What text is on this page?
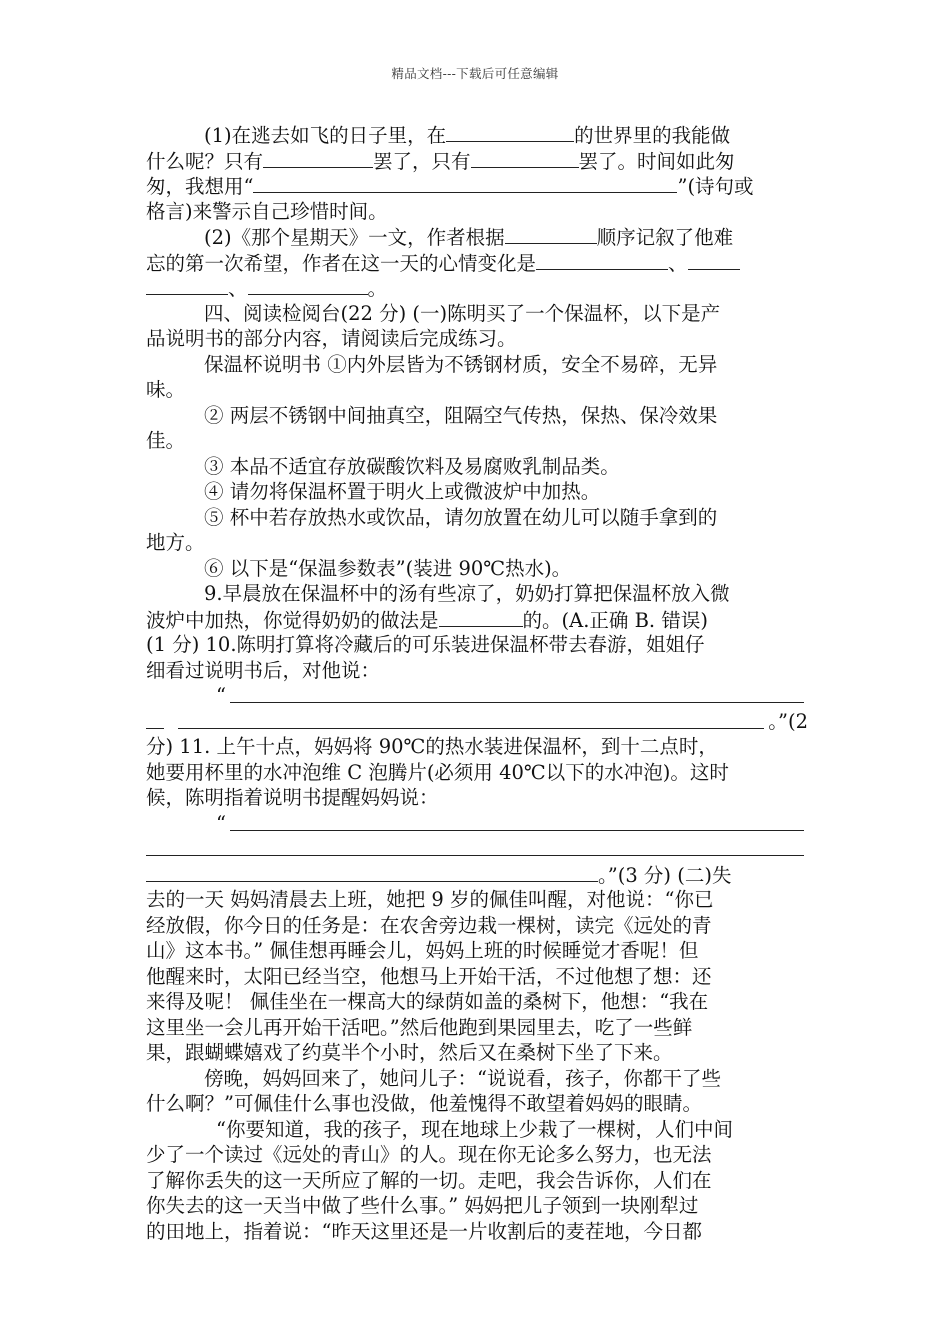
精品文档---下载后可任意编辑
(1)在逃去如飞的日子里，在	的世界里的我能做
什么呢？只有	罢了，只有	罢了。时间如此匆
匆，我想用“	”(诗句或
格言)来警示自己珍惜时间。
(2)《那个星期天》一文，作者根据	顺序记叙了他难
忘的第一次希望，作者在这一天的心情变化是	、
、	。
四、阅读检阅台(22 分) (一)陈明买了一个保温杯，以下是产
品说明书的部分内容，请阅读后完成练习。
保温杯说明书 ①内外层皆为不锈钢材质，安全不易碎，无异
味。
② 两层不锈钢中间抽真空，阻隔空气传热，保热、保冷效果
佳。
③ 本品不适宜存放碳酸饮料及易腐败乳制品类。
④ 请勿将保温杯置于明火上或微波炉中加热。
⑤ 杯中若存放热水或饮品，请勿放置在幼儿可以随手拿到的
地方。
⑥ 以下是“保温参数表”(装进 90℃热水)。
9.早晨放在保温杯中的汤有些凉了，奶奶打算把保温杯放入微
波炉中加热，你觉得奶奶的做法是	的。(A.正确 B. 错误)
(1 分) 10.陈明打算将冷藏后的可乐装进保温杯带去春游，姐姐仔
细看过说明书后，对他说：
“
。”(2
分) 11. 上午十点，妈妈将 90℃的热水装进保温杯，到十二点时，
她要用杯里的水冲泡维 C 泡腾片(必须用 40℃以下的水冲泡)。这时
候，陈明指着说明书提醒妈妈说：
“
。”(3 分) (二)失
去的一天 妈妈清晨去上班，她把 9 岁的佩佳叫醒，对他说：“你已
经放假，你今日的任务是：在农舍旁边栽一棵树，读完《远处的青
山》这本书。” 佩佳想再睡会儿，妈妈上班的时候睡觉才香呢！但
他醒来时，太阳已经当空，他想马上开始干活，不过他想了想：还
来得及呢！ 佩佳坐在一棵高大的绿荫如盖的桑树下，他想：“我在
这里坐一会儿再开始干活吧。”然后他跑到果园里去，吃了一些鲜
果，跟蝴蝶嬉戏了约莫半个小时，然后又在桑树下坐了下来。
傍晚，妈妈回来了，她问儿子：“说说看，孩子，你都干了些
什么啊？”可佩佳什么事也没做，他羞愧得不敢望着妈妈的眼睛。
“你要知道，我的孩子，现在地球上少栽了一棵树，人们中间
少了一个读过《远处的青山》的人。现在你无论多么努力，也无法
了解你丢失的这一天所应了解的一切。走吧，我会告诉你，人们在
你失去的这一天当中做了些什么事。” 妈妈把儿子领到一块刚犁过
的田地上，指着说：“昨天这里还是一片收割后的麦茬地，今日都
